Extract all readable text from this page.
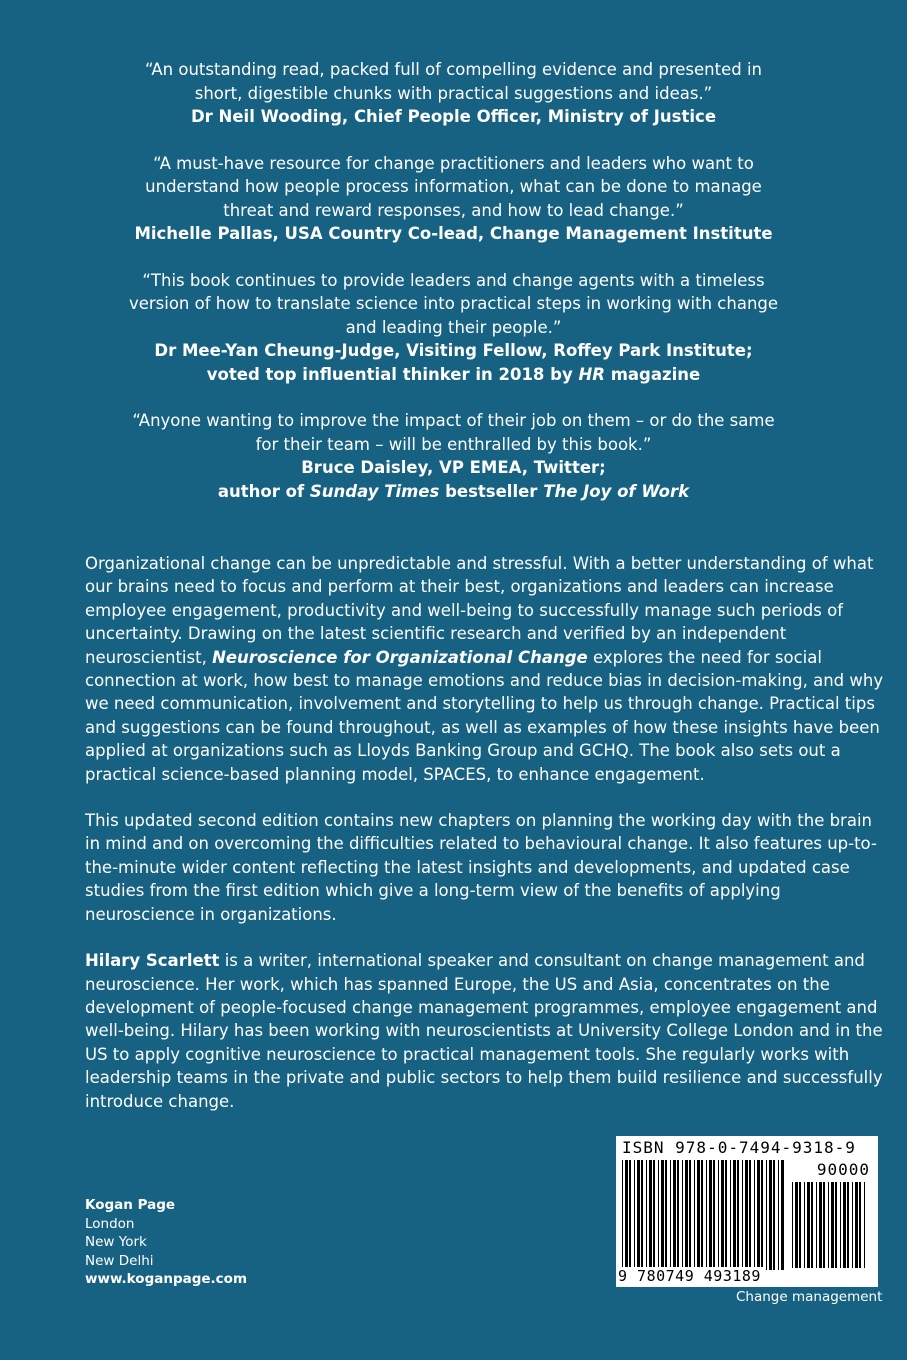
“An outstanding read, packed full of compelling evidence and presented in short, digestible chunks with practical suggestions and ideas.”

Dr Neil Wooding, Chief People Officer, Ministry of Justice

“A must-have resource for change practitioners and leaders who want to understand how people process information, what can be done to manage threat and reward responses, and how to lead change.”

Michelle Pallas, USA Country Co-lead, Change Management Institute

“This book continues to provide leaders and change agents with a timeless version of how to translate science into practical steps in working with change and leading their people.”

Dr Mee-Yan Cheung-Judge, Visiting Fellow, Roffey Park Institute;
voted top influential thinker in 2018 by HR magazine

“Anyone wanting to improve the impact of their job on them – or do the same for their team – will be enthralled by this book.”

Bruce Daisley, VP EMEA, Twitter;
author of Sunday Times bestseller The Joy of Work

Organizational change can be unpredictable and stressful. With a better understanding of what our brains need to focus and perform at their best, organizations and leaders can increase employee engagement, productivity and well-being to successfully manage such periods of uncertainty. Drawing on the latest scientific research and verified by an independent neuroscientist, Neuroscience for Organizational Change explores the need for social connection at work, how best to manage emotions and reduce bias in decision-making, and why we need communication, involvement and storytelling to help us through change. Practical tips and suggestions can be found throughout, as well as examples of how these insights have been applied at organizations such as Lloyds Banking Group and GCHQ. The book also sets out a practical science-based planning model, SPACES, to enhance engagement.

This updated second edition contains new chapters on planning the working day with the brain in mind and on overcoming the difficulties related to behavioural change. It also features up-to-the-minute wider content reflecting the latest insights and developments, and updated case studies from the first edition which give a long-term view of the benefits of applying neuroscience in organizations.

Hilary Scarlett is a writer, international speaker and consultant on change management and neuroscience. Her work, which has spanned Europe, the US and Asia, concentrates on the development of people-focused change management programmes, employee engagement and well-being. Hilary has been working with neuroscientists at University College London and in the US to apply cognitive neuroscience to practical management tools. She regularly works with leadership teams in the private and public sectors to help them build resilience and successfully introduce change.

Kogan Page
London
New York
New Delhi
www.koganpage.com
ISBN 978-0-7494-9318-9
90000
9 780749 493189
Change management
